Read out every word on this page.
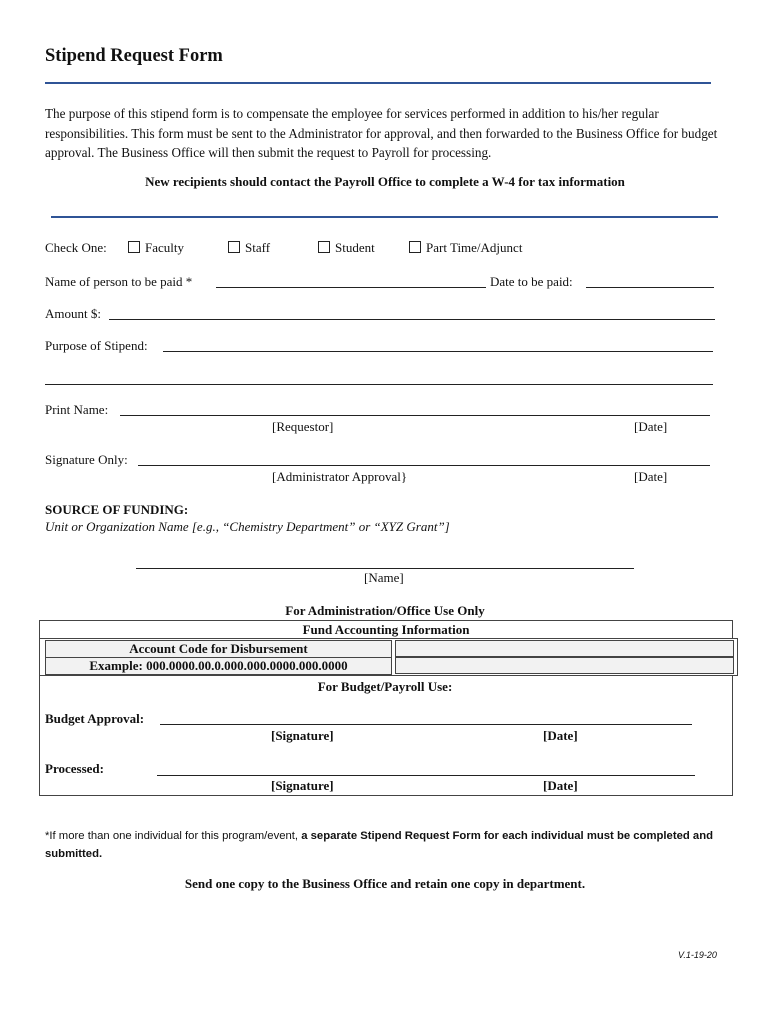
Stipend Request Form
The purpose of this stipend form is to compensate the employee for services performed in addition to his/her regular responsibilities. This form must be sent to the Administrator for approval, and then forwarded to the Business Office for budget approval. The Business Office will then submit the request to Payroll for processing.
New recipients should contact the Payroll Office to complete a W-4 for tax information
Check One:	Faculty	Staff	Student	Part Time/Adjunct
Name of person to be paid *	Date to be paid:
Amount $:
Purpose of Stipend:
Print Name:
[Requestor]	[Date]
Signature Only:
[Administrator Approval}	[Date]
SOURCE OF FUNDING:
Unit or Organization Name [e.g., “Chemistry Department” or “XYZ Grant”]
[Name]
For Administration/Office Use Only
Fund Accounting Information
Account Code for Disbursement
Example: 000.0000.00.0.000.000.0000.000.0000
For Budget/Payroll Use:
Budget Approval:
[Signature]	[Date]
Processed:
[Signature]	[Date]
*If more than one individual for this program/event, a separate Stipend Request Form for each individual must be completed and submitted.
Send one copy to the Business Office and retain one copy in department.
V.1-19-20
